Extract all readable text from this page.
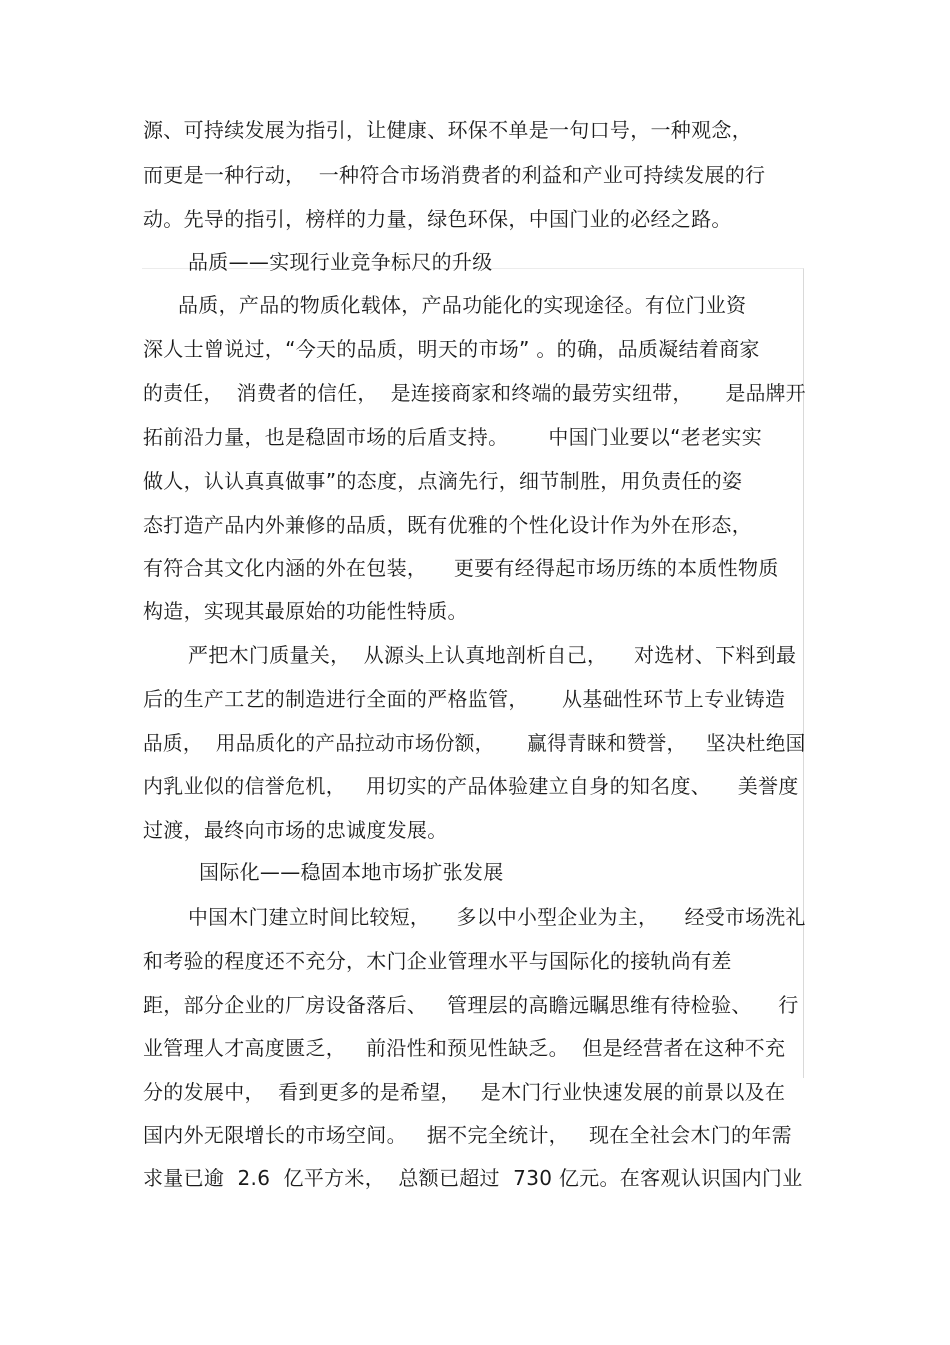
源、可持续发展为指引，让健康、环保不单是一句口号，一种观念，
而更是一种行动，  一种符合市场消费者的利益和产业可持续发展的行
动。先导的指引，榜样的力量，绿色环保，中国门业的必经之路。
品质——实现行业竞争标尺的升级
品质，产品的物质化载体，产品功能化的实现途径。有位门业资
深人士曾说过，“今天的品质，明天的市场” 。的确，品质凝结着商家
的责任，  消费者的信任，  是连接商家和终端的最劳实纽带，     是品牌开
拓前沿力量，也是稳固市场的后盾支持。      中国门业要以“老老实实
做人，认认真真做事”的态度，点滴先行，细节制胜，用负责任的姿
态打造产品内外兼修的品质，既有优雅的个性化设计作为外在形态，
有符合其文化内涵的外在包装，    更要有经得起市场历练的本质性物质
构造，实现其最原始的功能性特质。
严把木门质量关，  从源头上认真地剖析自己，    对选材、下料到最
后的生产工艺的制造进行全面的严格监管，     从基础性环节上专业铸造
品质，  用品质化的产品拉动市场份额，     赢得青睐和赞誉，   坚决杜绝国
内乳业似的信誉危机，   用切实的产品体验建立自身的知名度、    美誉度
过渡，最终向市场的忠诚度发展。
国际化——稳固本地市场扩张发展
中国木门建立时间比较短，    多以中小型企业为主，    经受市场洗礼
和考验的程度还不充分，木门企业管理水平与国际化的接轨尚有差
距，部分企业的厂房设备落后、   管理层的高瞻远瞩思维有待检验、    行
业管理人才高度匮乏，   前沿性和预见性缺乏。  但是经营者在这种不充
分的发展中，  看到更多的是希望，   是木门行业快速发展的前景以及在
国内外无限增长的市场空间。   据不完全统计，   现在全社会木门的年需
求量已逾  2.6  亿平方米，  总额已超过  730 亿元。在客观认识国内门业
